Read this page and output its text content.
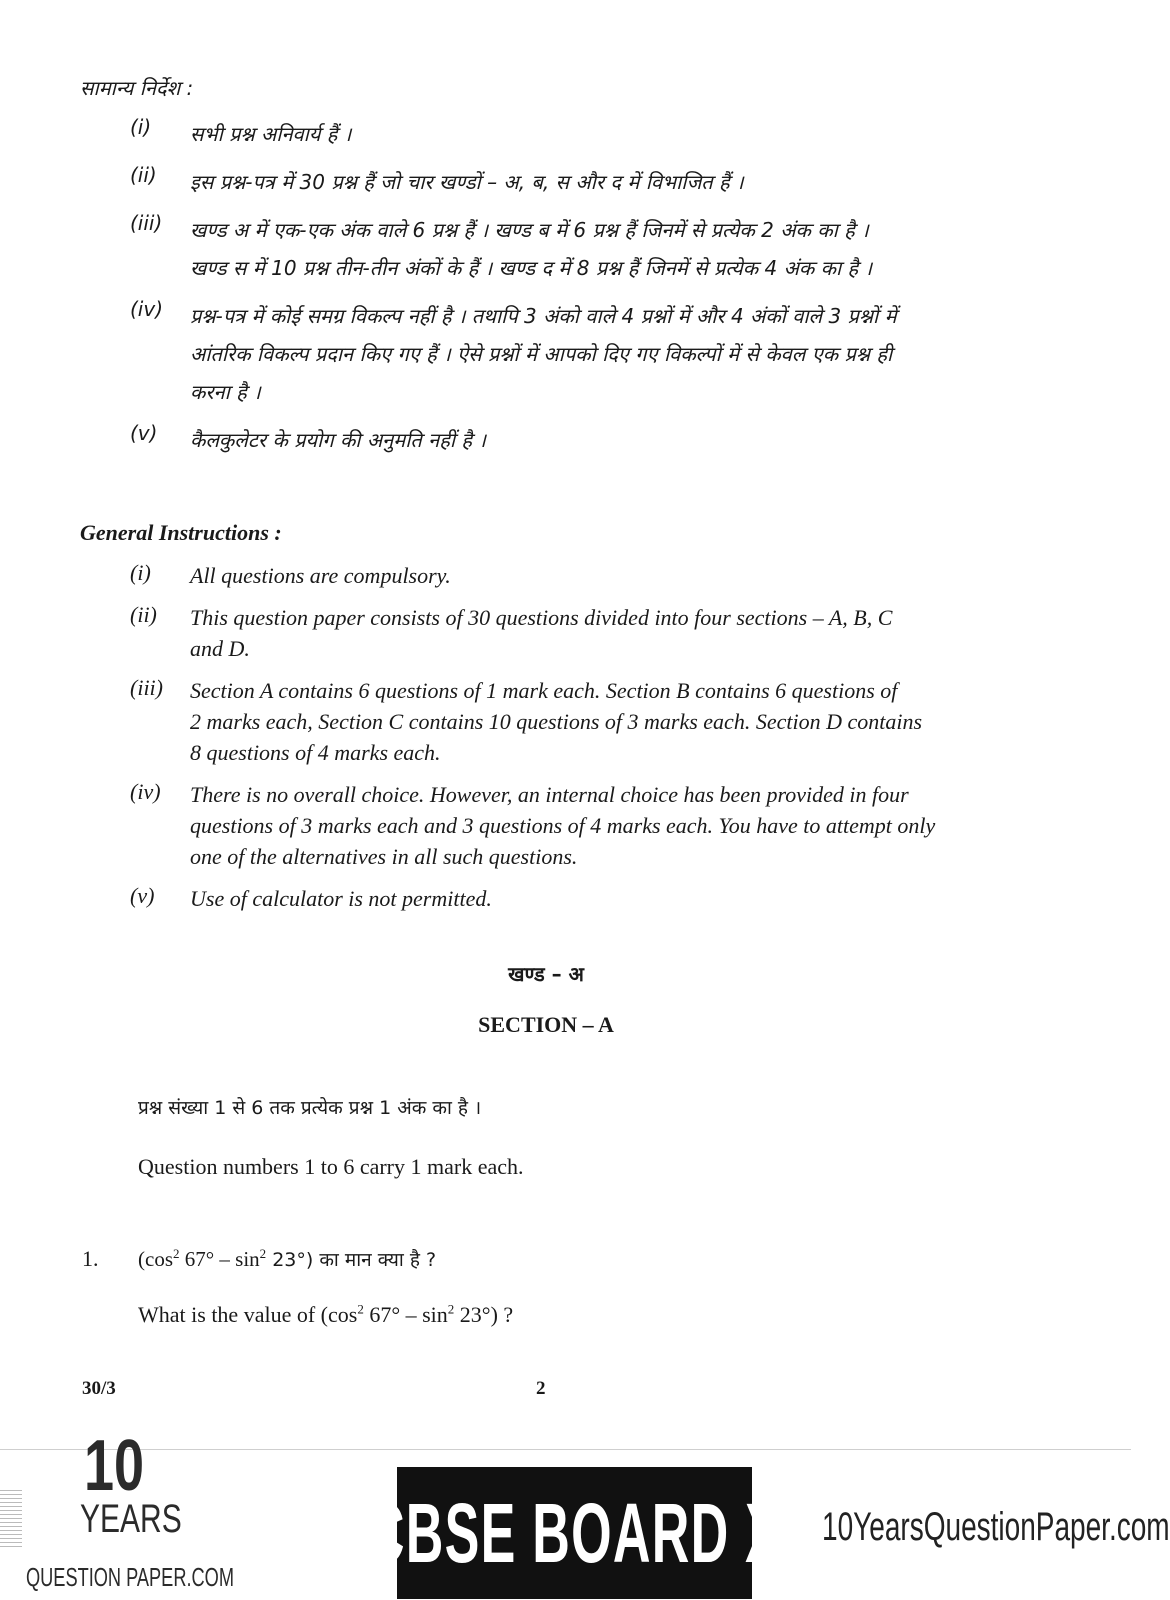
सामान्य निर्देश :
(i)	सभी प्रश्न अनिवार्य हैं ।
(ii)	इस प्रश्न-पत्र में 30 प्रश्न हैं जो चार खण्डों – अ, ब, स और द में विभाजित हैं ।
(iii)	खण्ड अ में एक-एक अंक वाले 6 प्रश्न हैं । खण्ड ब में 6 प्रश्न हैं जिनमें से प्रत्येक 2 अंक का है ।
खण्ड स में 10 प्रश्न तीन-तीन अंकों के हैं । खण्ड द में 8 प्रश्न हैं जिनमें से प्रत्येक 4 अंक का है ।
(iv)	प्रश्न-पत्र में कोई समग्र विकल्प नहीं है । तथापि 3 अंको वाले 4 प्रश्नों में और 4 अंकों वाले 3 प्रश्नों में
आंतरिक विकल्प प्रदान किए गए हैं । ऐसे प्रश्नों में आपको दिए गए विकल्पों में से केवल एक प्रश्न ही
करना है ।
(v)	कैलकुलेटर के प्रयोग की अनुमति नहीं है ।
General Instructions :
(i)	All questions are compulsory.
(ii)	This question paper consists of 30 questions divided into four sections – A, B, C
and D.
(iii)	Section A contains 6 questions of 1 mark each. Section B contains 6 questions of
2 marks each, Section C contains 10 questions of 3 marks each. Section D contains
8 questions of 4 marks each.
(iv)	There is no overall choice. However, an internal choice has been provided in four
questions of 3 marks each and 3 questions of 4 marks each. You have to attempt only
one of the alternatives in all such questions.
(v)	Use of calculator is not permitted.
खण्ड – अ
SECTION – A
प्रश्न संख्या 1 से 6 तक प्रत्येक प्रश्न 1 अंक का है ।
Question numbers 1 to 6 carry 1 mark each.
1. ($\cos^2$ $67^\circ - \sin^2 23^\circ$) का मान क्या है ?
What is the value of ($\cos^2$ $67^\circ - \sin^2 23^\circ$) ?
30/3	2
10
YEARS
QUESTION PAPER.COM CBSE BOARD X 10YearsQuestionPaper.com
